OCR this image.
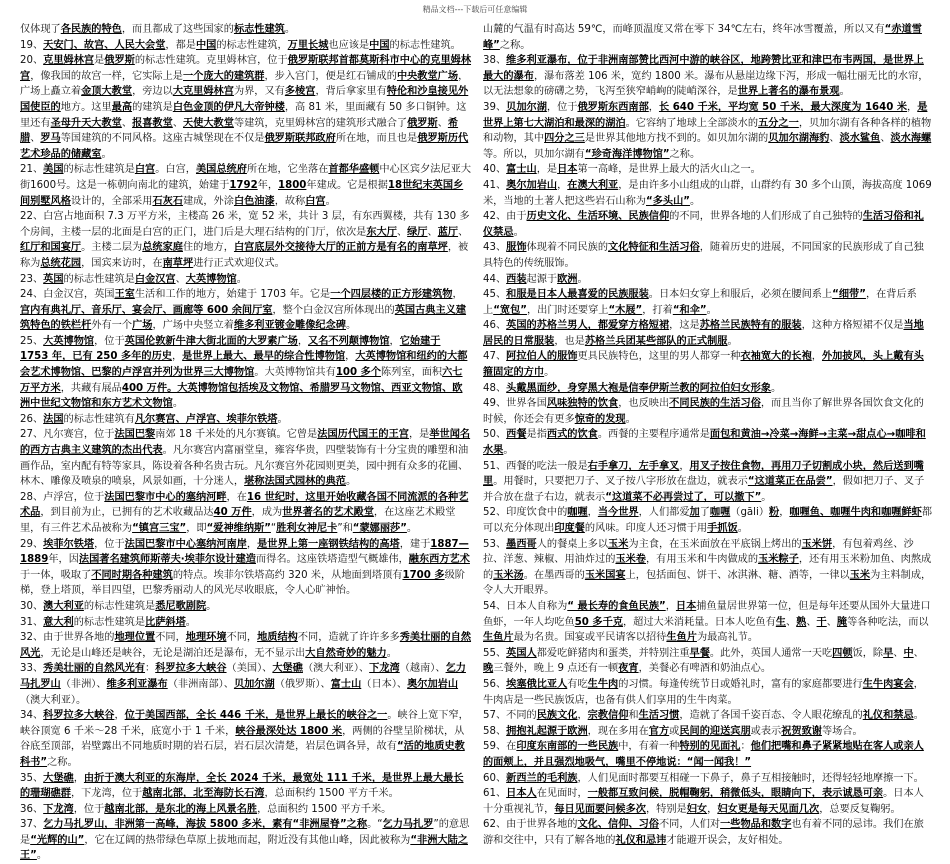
精品文档---下载后可任意编辑

仅体现了各民族的特色，而且都成了这些国家的标志性建筑。

19、天安门、故宫、人民大会堂，都是中国的标志性建筑，万里长城也应该是中国的标志性建筑。

20、克里姆林宫是俄罗斯的标志性建筑。克里姆林宫，位于俄罗斯联邦首都莫斯科市中心的克里姆林宫，像我国的故宫一样，它实际上是一个庞大的建筑群，步入宫门，便是红石铺成的中央教堂广场，广场上矗立着金顶大教堂，旁边以大克里姆林宫为界，又有多棱宫，背后拿家里有特伦和沙皇接见外国使臣的地方。这里最高的建筑是白色金顶的伊凡大帝钟楼，高 81 米，里面藏有 50 多口铜钟。这里还有圣母升天大教堂、报喜教堂、天使大教堂等建筑，克里姆林宫的建筑形式融合了俄罗斯、希腊、罗马等国建筑的不同风格。这座古城堡现在不仅是俄罗斯联邦政府所在地，而且也是俄罗斯历代艺术珍品的储藏室。

21、美国的标志性建筑是白宫。白宫，美国总统府所在地，它坐落在首都华盛顿中心区宾夕法尼亚大街1600号。这是一栋朝向南北的建筑，始建于1792年，1800年建成。它是根据18世纪末英国乡间别墅风格设计的，全部采用石灰石建成，外涂白色油漆，故称白宫。

22、白宫占地面积 7.3 万平方米，主楼高 26 米，宽 52 米，共计 3 层，有东西翼楼，共有 130 多个房间，主楼一层的北面是白宫的正门，进门后是大理石结构的门厅，依次是东大厅、绿厅、蓝厅、红厅和国宴厅。主楼二层为总统家庭住的地方，白宫底层外交接待大厅的正前方是有名的南草坪，被称为总统花园，国宾来访时，在南草坪进行正式欢迎仪式。

23、英国的标志性建筑是白金汉宫、大英博物馆。

24、白金汉宫，英国王室生活和工作的地方，始建于 1703 年。它是一个四层楼的正方形建筑物，宫内有典礼厅、音乐厅、宴会厅、画廊等 600 余间厅室，整个白金汉宫所体现出的英国古典主义建筑特色的铁栏杆外有一个广场，广场中央竖立着维多利亚镀金雕像纪念碑。

25、大英博物馆，位于英国伦敦新牛津大街北面的大罗素广场，又名不列颠博物馆，它始建于 1753 年，已有 250 多年的历史，是世界上最大、最早的综合性博物馆，大英博物馆和纽约的大都会艺术博物馆、巴黎的卢浮宫并列为世界三大博物馆。大英博物馆共有100 多个陈列室，面积六七万平方米，共藏有展品400 万件。大英博物馆包括埃及文物馆、希腊罗马文物馆、西亚文物馆、欧洲中世纪文物馆和东方艺术文物馆。

26、法国的标志性建筑有凡尔赛宫、卢浮宫、埃菲尔铁塔。

27、凡尔赛宫，位于法国巴黎南郊 18 千米处的凡尔赛镇。它曾是法国历代国王的王宫，是举世闻名的西方古典主义建筑的杰出代表。凡尔赛宫内富丽堂皇，雍容华贵，四壁装饰有十分宝贵的雕塑和油画作品，室内配有特等家具，陈设着各种名贵古玩。凡尔赛宫外花园则更美，园中拥有众多的花圃、林木、雕像及喷泉的喷泉，风景如画，十分迷人，堪称法国式园林的典范。

28、卢浮宫，位于法国巴黎市中心的塞纳河畔，在16 世纪时，这里开始收藏各国不同流派的各种艺术品，到目前为止，已拥有的艺术收藏品达40 万件，成为世界著名的艺术殿堂，在这座艺术殿堂里，有三件艺术品被称为“镇宫三宝”，即“爱神维纳斯”“胜利女神尼卡”和“蒙娜丽莎”。

29、埃菲尔铁塔，位于法国巴黎市中心塞纳河南岸，是世界上第一座钢铁结构的高塔，建于1887—1889年，因法国著名建筑师斯蒂夫·埃菲尔设计建造而得名。这座铁塔造型气概雄伟，融东西方艺术于一体，吸取了不同时期各种建筑的特点。埃菲尔铁塔高约 320 米，从地面到塔顶有1700 多级阶梯，登上塔顶，举目四望，巴黎秀丽动人的风光尽收眼底，令人心旷神怡。

30、澳大利亚的标志性建筑是悉尼歌剧院。

31、意大利的标志性建筑是比萨斜塔。

32、由于世界各地的地理位置不同，地理环境不同，地质结构不同，造就了许许多多秀美壮丽的自然风光，无论是山峰还是峡谷，无论是湖泊还是瀑布，无不显示出大自然奇妙的魅力。

33、秀美壮丽的自然风光有：科罗拉多大峡谷（美国）、大堡礁（澳大利亚）、下龙湾（越南）、乞力马扎罗山（非洲）、维多利亚瀑布（非洲南部）、贝加尔湖（俄罗斯）、富士山（日本）、奥尔加岩山（澳大利亚）。

34、科罗拉多大峡谷，位于美国西部，全长 446 千米，是世界上最长的峡谷之一。峡谷上宽下窄，峡谷顶宽 6 千米～28 千米，底宽小于 1 千米，峡谷最深处达 1800 米，两侧的谷壁呈阶梯状，从谷底至顶部，岩壁露出不同地质时期的岩石层，岩石层次清楚，岩层色调各异，故有“活的地质史教科书”之称。

35、大堡礁，由折于澳大利亚的东海岸，全长 2024 千米，最宽处 111 千米，是世界上最大最长的珊瑚礁群，下龙湾，位于越南北部，北至海防长石湾，总面积约 1500 平方千米。

36、下龙湾，位于越南北部，是东北的海上风景名胜，总面积约 1500 平方千米。

37、乞力马扎罗山，非洲第一高峰，海拔 5800 多米，素有“非洲屋脊”之称。“乞力马扎罗”的意思是“光辉的山”，它在辽阔的热带绿色草原上拔地而起，附近没有其他山峰，因此被称为“非洲大陆之王”。

山麓的气温有时高达 59℃，而峰顶温度又常在零下 34℃左右，终年冰雪覆盖，所以又有“赤道雪峰”之称。

38、维多利亚瀑布，位于非洲南部赞比西河中游的峡谷区，地跨赞比亚和津巴布韦两国，是世界上最大的瀑布，瀑布落差 106 米，宽约 1800 米。瀑布从悬崖边缘下泻，形成一幅壮丽无比的水帘，以无法想象的磅礴之势，飞泻至狭窄峭峋的陡峭深谷，是世界上著名的瀑布景观。

39、贝加尔湖，位于俄罗斯东西南部，长 640 千米，平均宽 50 千米，最大深度为 1640 米，是世界上第七大湖泊和最深的湖泊。它容纳了地球上全部淡水的五分之一，贝加尔湖有各种各样的植物和动物，其中四分之三是世界其他地方找不到的。如贝加尔湖的贝加尔湖海豹、淡水鲨鱼、淡水海螺等。所以，贝加尔湖有“珍奇海洋博物馆”之称。

40、富士山，是日本第一高峰，是世界上最大的活火山之一。

41、奥尔加岩山，在澳大利亚，是由许多小山组成的山群，山群约有 30 多个山顶，海拔高度 1069 米，当地的土著人把这些岩石山称为“多头山”。

42、由于历史文化、生活环境、民族信仰的不同，世界各地的人们形成了自己独特的生活习俗和礼仪禁忌。

43、服饰体现着不同民族的文化特征和生活习俗，随着历史的进展，不同国家的民族形成了自己独具特色的传统服饰。

44、西装起源于欧洲。

45、和服是日本人最喜爱的民族服装。日本妇女穿上和服后，必须在腰间系上“细带”，在背后系上“宽包”，出门时还要穿上“木屐”，打着“和伞”。

46、英国的苏格兰男人，都爱穿方格短裙，这是苏格兰民族特有的服装，这种方格短裙不仅是当地居民的日常服装，也是苏格兰兵团某些部队的正式制服。

47、阿拉伯人的服饰更具民族特色，这里的男人都穿一种衣袖宽大的长袍，外加披风，头上戴有头箍固定的方巾。

48、头戴黑面纱，身穿黑大袍是信奉伊斯兰教的阿拉伯妇女形象。

49、世界各国风味独特的饮食，也反映出不同民族的生活习俗，而且当你了解世界各国饮食文化的时候，你还会有更多惊奇的发现。

50、西餐是指西式的饮食。西餐的主要程序通常是面包和黄油→冷菜→海鲜→主菜→甜点心→咖啡和水果。

51、西餐的吃法一般是右手拿刀，左手拿叉，用叉子按住食物，再用刀子切割成小块，然后送到嘴里。用餐时，只要把刀子、叉子按八字形放在盘边，就表示“这道菜正在品尝”，假如把刀子、叉子并合放在盘子右边，就表示“这道菜不必再尝过了，可以撤下”。

52、印度饮食中的咖喱，当今世界，人们都爱加了咖喱（gāli）粉，咖喱鱼、咖喱牛肉和咖喱鲜虾都可以充分体现出印度餐的风味。印度人还习惯于用手抓饭。

53、墨西哥人的餐桌上多以玉米为主食，在玉米面放在平底锅上烤出的玉米饼，有包着鸡丝、沙拉、洋葱、辣椒、用油炸过的玉米卷，有用玉米和牛肉做成的玉米粽子，还有用玉米粉加鱼、肉熬成的玉米汤。在墨西哥的玉米国宴上，包括面包、饼干、冰淇淋、糖、酒等，一律以玉米为主料制成，令人大开眼界。

54、日本人自称为“ 最长寿的食鱼民族”，日本捕鱼量居世界第一位，但是每年还要从国外大量进口鱼虾，一年人均吃鱼50 多千克，超过大米消耗量。日本人吃鱼有生、熟、干、腌等各种吃法，而以生鱼片最为名贵。国宴或平民请客以招待生鱼片为最高礼节。

55、英国人都爱吃鲜猪肉和蛋类，并特别注重早餐。此外，英国人通常一天吃四顿饭，除早、中、晚三餐外，晚上 9 点还有一顿夜宵，美餐必有啤酒和奶油点心。

56、埃塞俄比亚人有吃生牛肉的习惯。每逢传统节日或婚礼时，富有的家庭都要进行生牛肉宴会，牛肉店是一些民族饭店，也备有供人们享用的生牛肉菜。

57、不同的民族文化，宗教信仰和生活习惯，造就了各国千姿百态、令人眼花缭乱的礼仪和禁忌。

58、拥抱礼起源于欧洲，现在多用在官方或民间的迎送宾朋或表示祝贺致谢等场合。

59、在印度东南部的一些民族中，有着一种特别的见面礼：他们把嘴和鼻子紧紧地贴在客人或亲人的面颊上，并且强烈地吸气，嘴里不停地说：“闻一闻我！”

60、新西兰的毛利族，人们见面时都要互相碰一下鼻子，鼻子互相接触时，还得轻轻地摩擦一下。

61、日本人在见面时，一般都互致问候，脱帽鞠躬，稍微低头，眼睛向下，表示诚恳可亲。日本人十分重视礼节，每日见面要问候多次，特别是妇女，妇女更是每天见面几次，总要反复鞠躬。

62、由于世界各地的文化、信仰、习俗不同，人们对一些物品和数字也有着不同的忌讳。我们在旅游和交往中，只有了解各地的礼仪和忌讳才能避开误会，友好相处。
